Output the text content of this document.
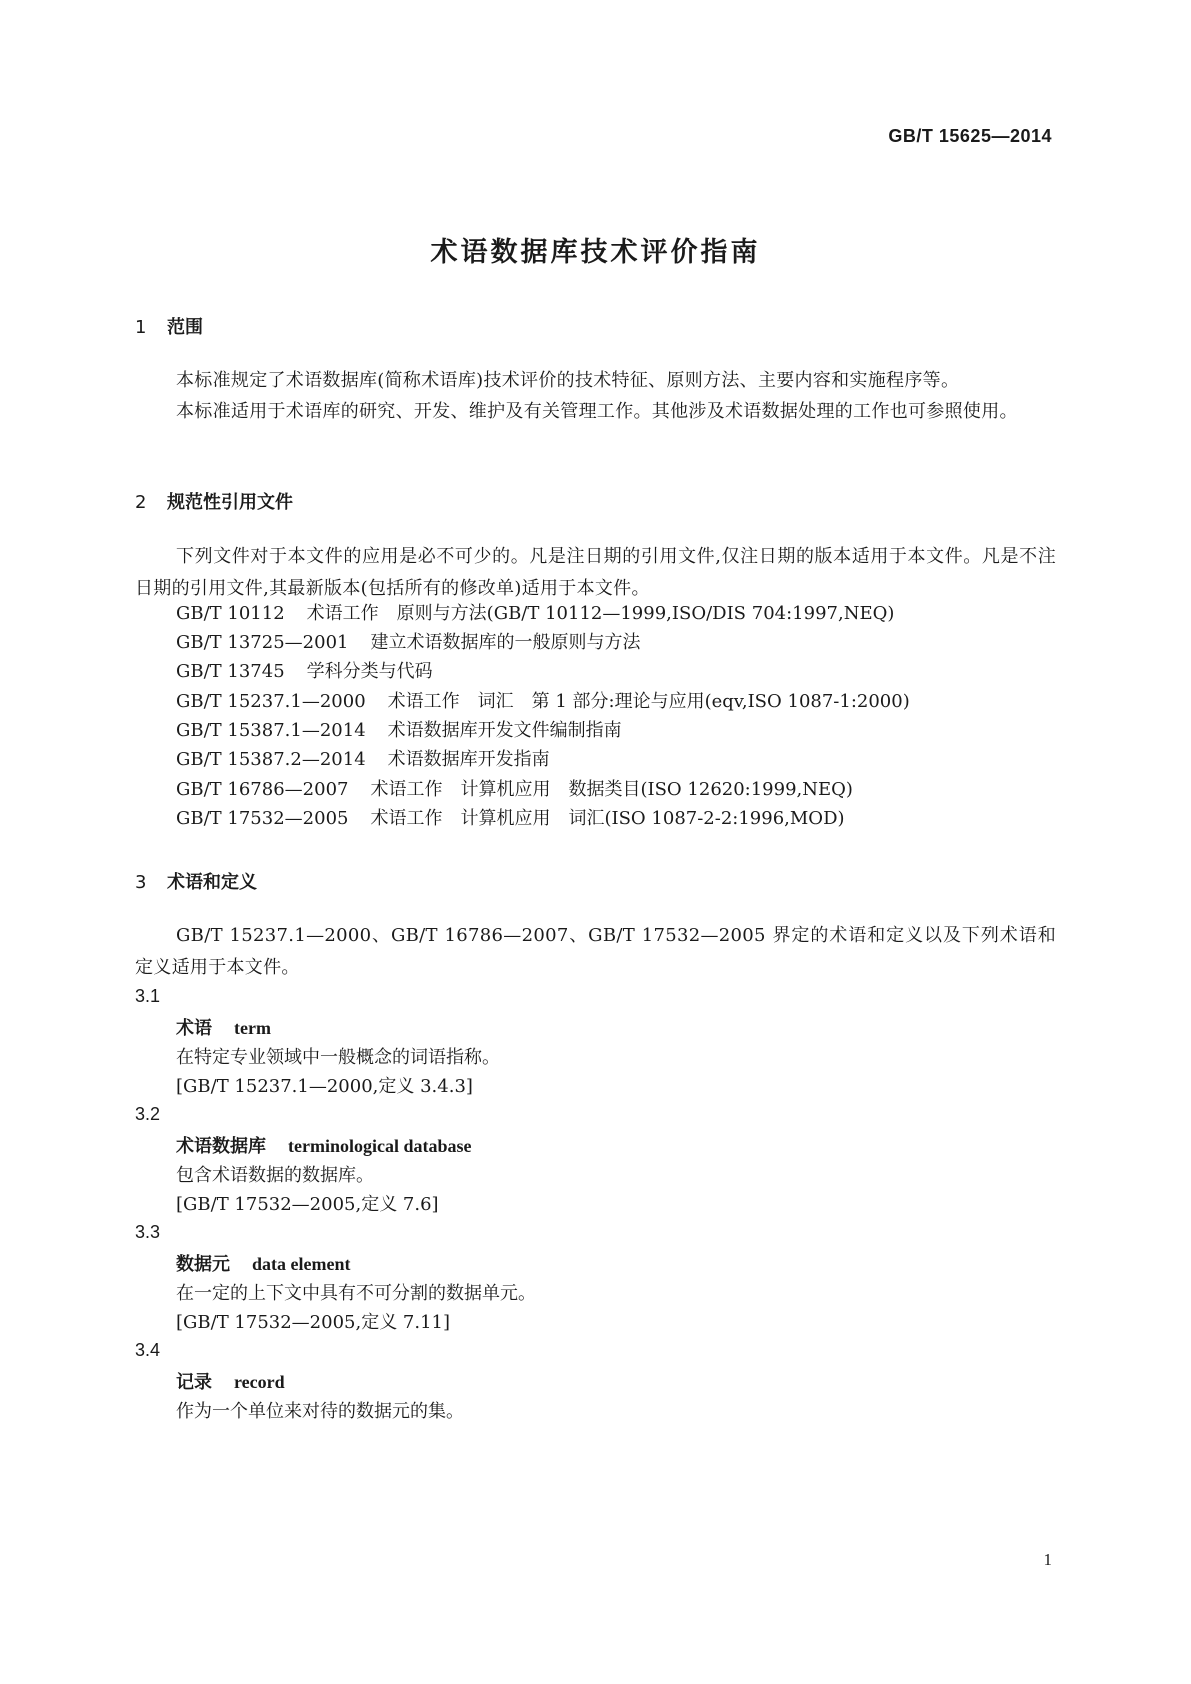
GB/T 15625—2014
术语数据库技术评价指南
1 范围
本标准规定了术语数据库(简称术语库)技术评价的技术特征、原则方法、主要内容和实施程序等。
本标准适用于术语库的研究、开发、维护及有关管理工作。其他涉及术语数据处理的工作也可参照使用。
2 规范性引用文件
下列文件对于本文件的应用是必不可少的。凡是注日期的引用文件,仅注日期的版本适用于本文件。凡是不注日期的引用文件,其最新版本(包括所有的修改单)适用于本文件。
GB/T 10112 术语工作　原则与方法(GB/T 10112—1999,ISO/DIS 704:1997,NEQ)
GB/T 13725—2001 建立术语数据库的一般原则与方法
GB/T 13745 学科分类与代码
GB/T 15237.1—2000 术语工作　词汇　第 1 部分:理论与应用(eqv,ISO 1087-1:2000)
GB/T 15387.1—2014 术语数据库开发文件编制指南
GB/T 15387.2—2014 术语数据库开发指南
GB/T 16786—2007 术语工作　计算机应用　数据类目(ISO 12620:1999,NEQ)
GB/T 17532—2005 术语工作　计算机应用　词汇(ISO 1087-2-2:1996,MOD)
3 术语和定义
GB/T 15237.1—2000、GB/T 16786—2007、GB/T 17532—2005 界定的术语和定义以及下列术语和定义适用于本文件。
3.1
术语 term
在特定专业领域中一般概念的词语指称。
[GB/T 15237.1—2000,定义 3.4.3]
3.2
术语数据库 terminological database
包含术语数据的数据库。
[GB/T 17532—2005,定义 7.6]
3.3
数据元 data element
在一定的上下文中具有不可分割的数据单元。
[GB/T 17532—2005,定义 7.11]
3.4
记录 record
作为一个单位来对待的数据元的集。
1
